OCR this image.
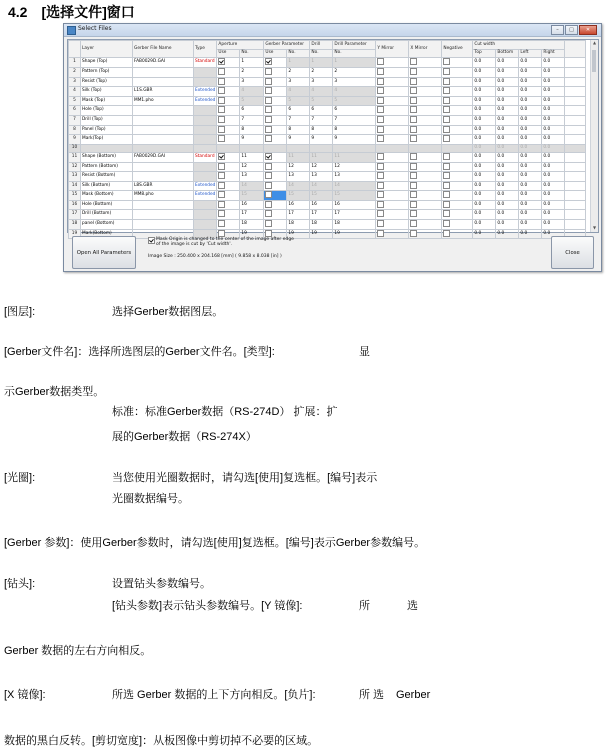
4.2 [选择文件]窗口
Select Files	–	□	✕
	Layer	Gerber File Name	Type	Aperture		Gerber Parameter		Drill	Drill Parameter	Y Mirror	X Mirror	Negative	Cut width				
				Use	No.	Use	No.	No.	No.				Top	Bottom	Left	Right	
1	Shape (Top)	FAB0029D.GAI	Standard		1		1	1	1				0.0	0.0	0.0	0.0	
2	Pattern (Top)				2		2	2	2				0.0	0.0	0.0	0.0	
3	Resist (Top)				3		3	3	3				0.0	0.0	0.0	0.0	
4	Silk (Top)	L1S.GBR	Extended		4		4	4	4				0.0	0.0	0.0	0.0	
5	Mask (Top)	MM1.pho	Extended		5		5	5	5				0.0	0.0	0.0	0.0	
6	Hole (Top)				6		6	6	6				0.0	0.0	0.0	0.0	
7	Drill (Top)				7		7	7	7				0.0	0.0	0.0	0.0	
8	Panel (Top)				8		8	8	8				0.0	0.0	0.0	0.0	
9	Mark(Top)				9		9	9	9				0.0	0.0	0.0	0.0	
10													0.0	0.0	0.0	0.0	
11	Shape (Bottom)	FAB0029D.GAI	Standard		11		11	11	11				0.0	0.0	0.0	0.0	
12	Pattern (Bottom)				12		12	12	12				0.0	0.0	0.0	0.0	
13	Resist (Bottom)				13		13	13	13				0.0	0.0	0.0	0.0	
14	Silk (Bottom)	L8S.GBR	Extended		14		14	14	14				0.0	0.0	0.0	0.0	
15	Mask (Bottom)	MM8.pho	Extended		15		15	15	15				0.0	0.0	0.0	0.0	
16	Hole (Bottom)				16		16	16	16				0.0	0.0	0.0	0.0	
17	Drill (Bottom)				17		17	17	17				0.0	0.0	0.0	0.0	
18	panel (Bottom)				18		18	18	18				0.0	0.0	0.0	0.0	
19	Mark(Bottom)				19		19	19	19				0.0	0.0	0.0	0.0	
▲
▼
Open All Parameters
Mask Origin is changed to the center of the image after edge of the image is cut by 'Cut width'.
Image Size : 250.400 x 204.168 [mm] ( 9.858 x 8.038 [in] )
Close
[图层]:	选择Gerber数据图层。
[Gerber文件名]：选择所选图层的Gerber文件名。[类型]:	显
示Gerber数据类型。
标准：标准Gerber数据（RS-274D） 扩展：扩
展的Gerber数据（RS-274X）
[光圈]:	当您使用光圈数据时，请勾选[使用]复选框。[编号]表示
光圈数据编号。
[Gerber 参数]：使用Gerber参数时，请勾选[使用]复选框。[编号]表示Gerber参数编号。
[钻头]:	设置钻头参数编号。
[钻头参数]表示钻头参数编号。[Y 镜像]:	所	选
Gerber 数据的左右方向相反。
[X 镜像]:	所选 Gerber 数据的上下方向相反。[负片]:	所 选 Gerber
数据的黑白反转。[剪切宽度]：从板图像中剪切掉不必要的区域。
